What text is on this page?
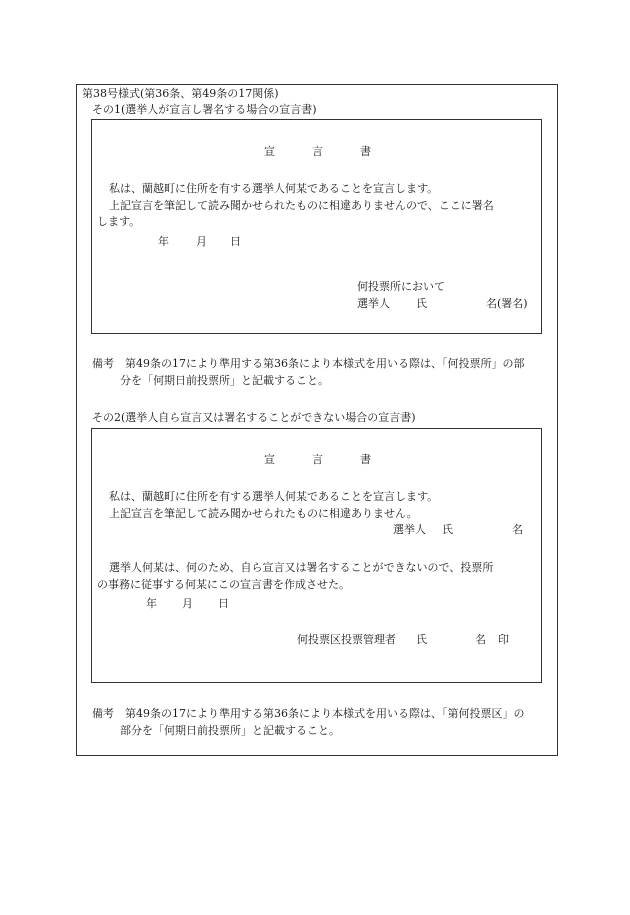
第38号様式(第36条、第49条の17関係)
その1(選挙人が宣言し署名する場合の宣言書)
宣	言	書
私は、蘭越町に住所を有する選挙人何某であることを宣言します。
上記宣言を筆記して読み聞かせられたものに相違ありませんので、ここに署名
します。
年 月 日
何投票所において
選挙人 氏	名(署名)
備考　第49条の17により準用する第36条により本様式を用いる際は、「何投票所」の部
分を「何期日前投票所」と記載すること。
その2(選挙人自ら宣言又は署名することができない場合の宣言書)
宣	言	書
私は、蘭越町に住所を有する選挙人何某であることを宣言します。
上記宣言を筆記して読み聞かせられたものに相違ありません。
選挙人 氏	名
選挙人何某は、何のため、自ら宣言又は署名することができないので、投票所
の事務に従事する何某にこの宣言書を作成させた。
年 月 日
何投票区投票管理者 氏	名 印
備考　第49条の17により準用する第36条により本様式を用いる際は、「第何投票区」の
部分を「何期日前投票所」と記載すること。
